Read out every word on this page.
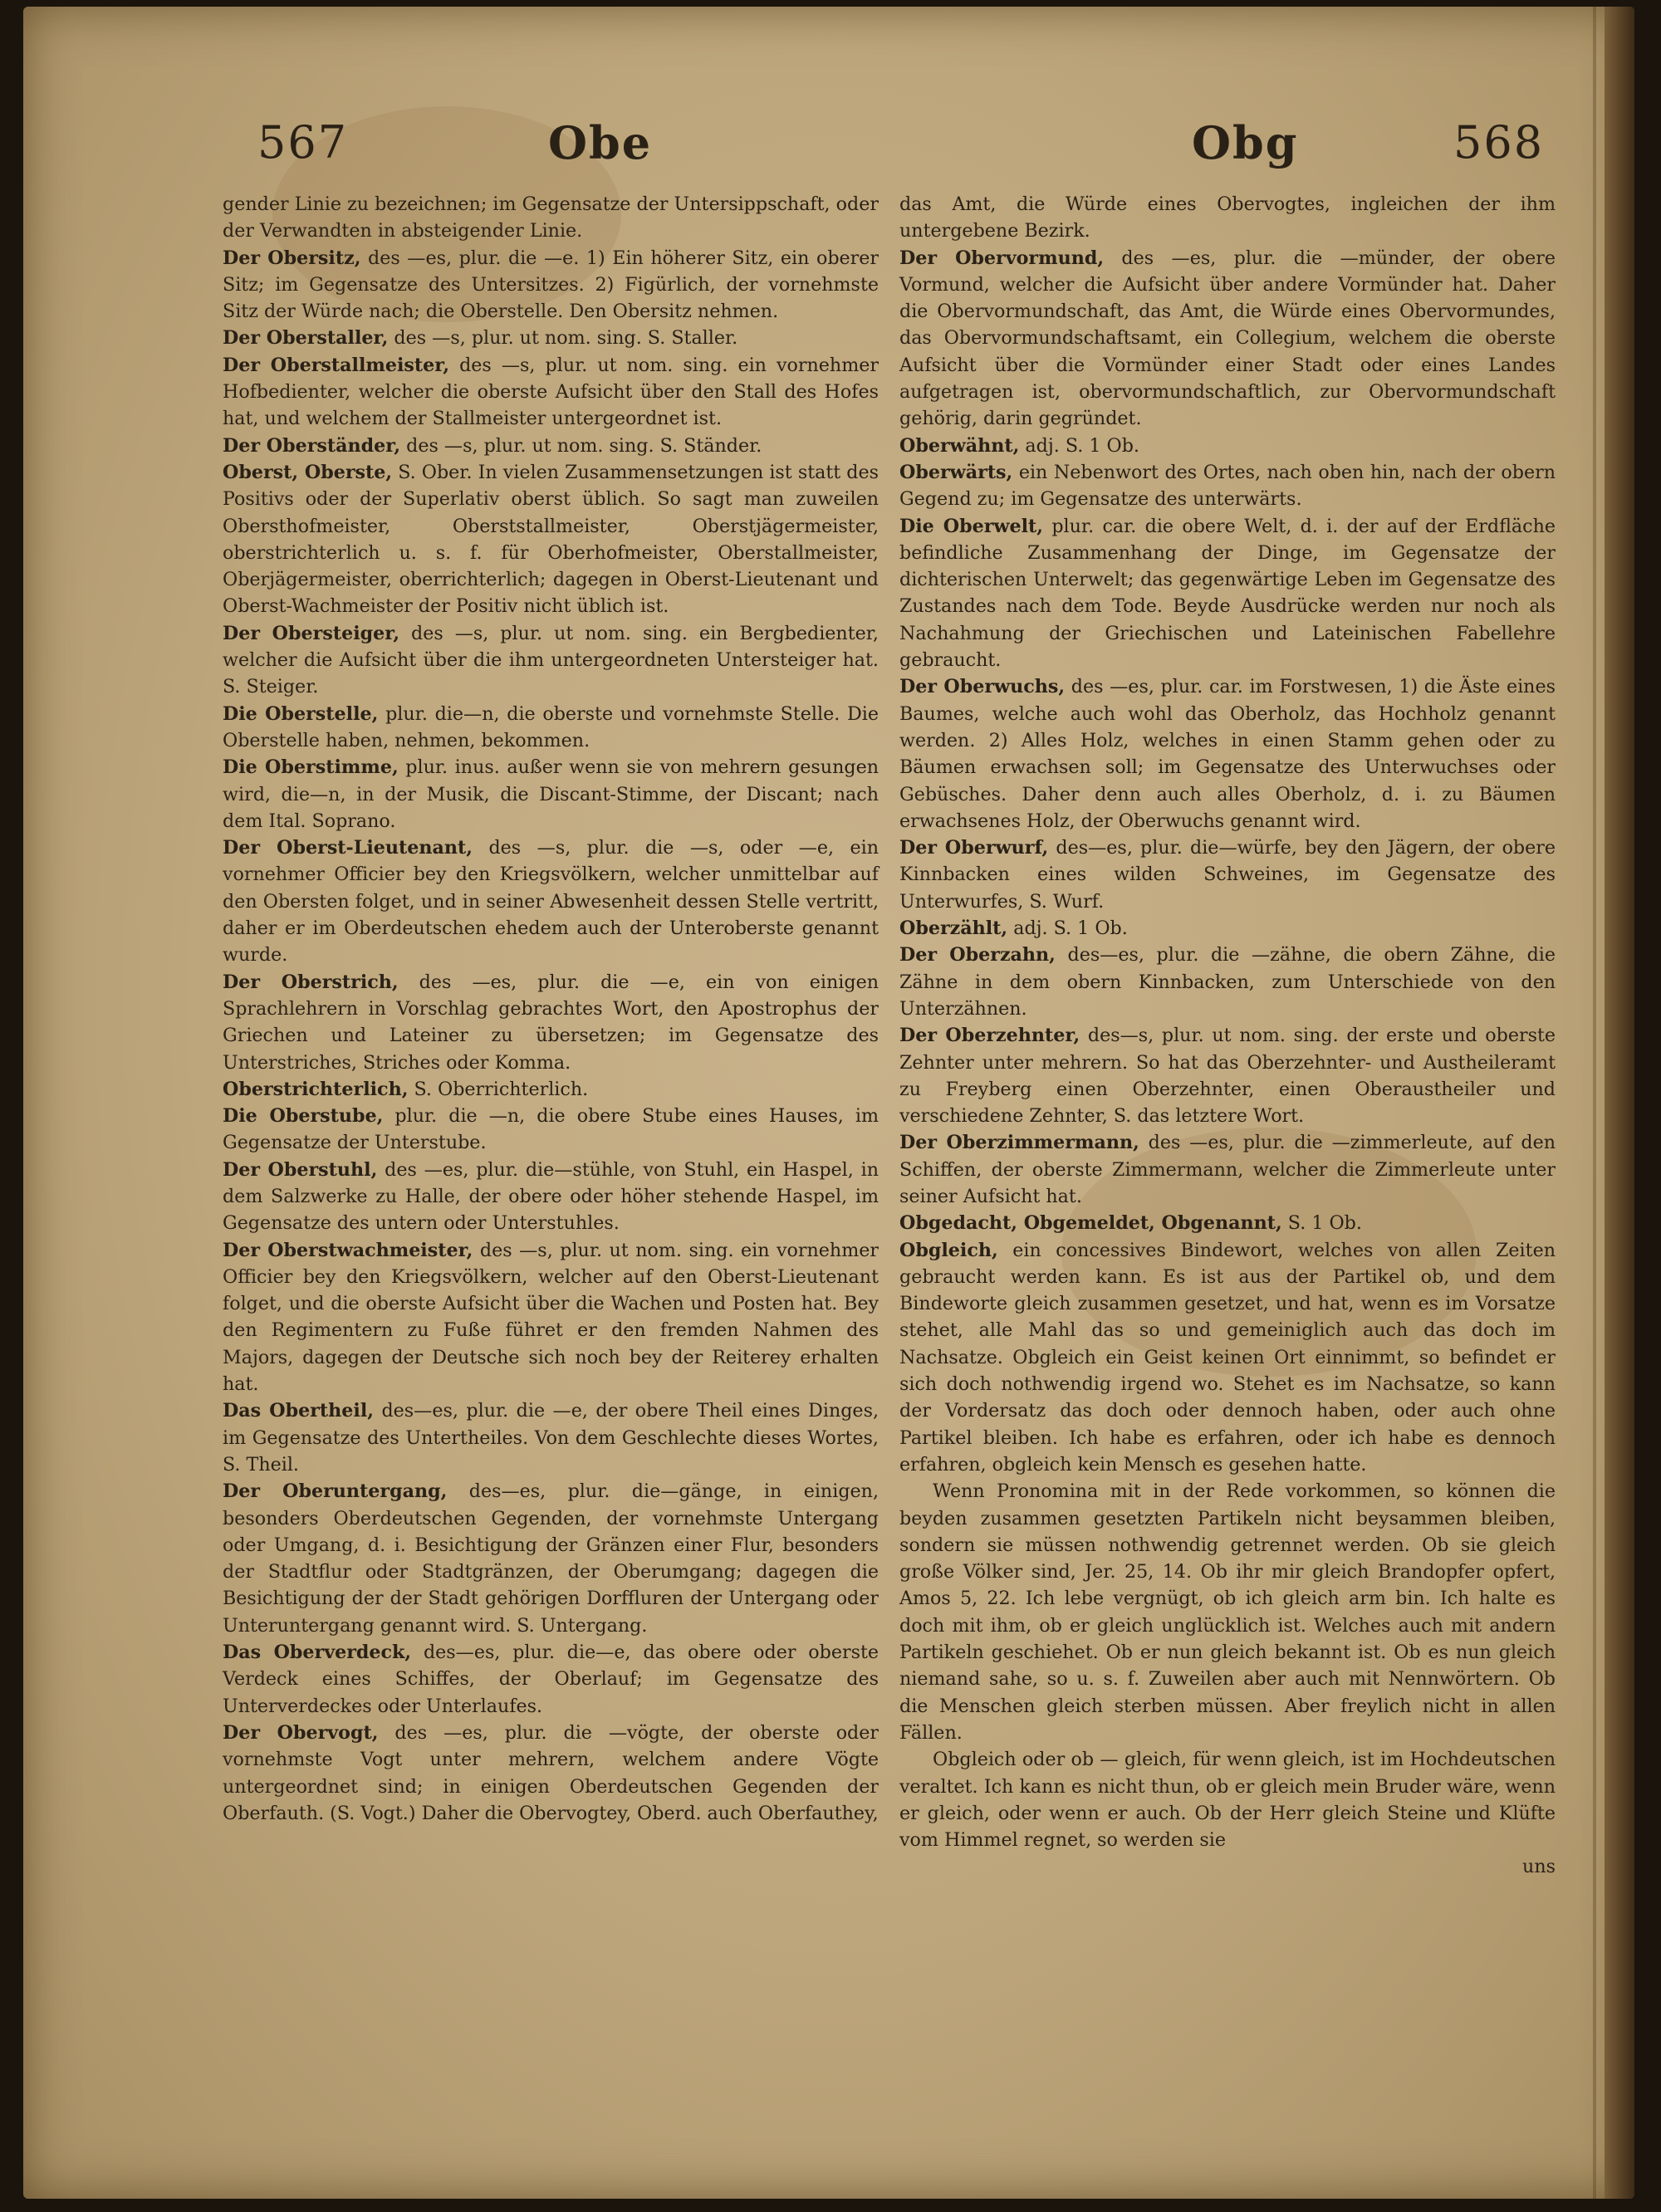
567	Obe	Obg	568

gender Linie zu bezeichnen; im Gegensatze der Untersippschaft, oder der Verwandten in absteigender Linie.

Der Obersitz, des —es, plur. die —e. 1) Ein höherer Sitz, ein oberer Sitz; im Gegensatze des Untersitzes. 2) Figürlich, der vornehmste Sitz der Würde nach; die Oberstelle. Den Obersitz nehmen.

Der Oberstaller, des —s, plur. ut nom. sing. S. Staller.

Der Oberstallmeister, des —s, plur. ut nom. sing. ein vornehmer Hofbedienter, welcher die oberste Aufsicht über den Stall des Hofes hat, und welchem der Stallmeister untergeordnet ist.

Der Oberständer, des —s, plur. ut nom. sing. S. Ständer.

Oberst, Oberste, S. Ober. In vielen Zusammensetzungen ist statt des Positivs oder der Superlativ oberst üblich. So sagt man zuweilen Obersthofmeister, Oberststallmeister, Oberstjägermeister, oberstrichterlich u. s. f. für Oberhofmeister, Oberstallmeister, Oberjägermeister, oberrichterlich; dagegen in Oberst-Lieutenant und Oberst-Wachmeister der Positiv nicht üblich ist.

Der Obersteiger, des —s, plur. ut nom. sing. ein Bergbedienter, welcher die Aufsicht über die ihm untergeordneten Untersteiger hat. S. Steiger.

Die Oberstelle, plur. die—n, die oberste und vornehmste Stelle. Die Oberstelle haben, nehmen, bekommen.

Die Oberstimme, plur. inus. außer wenn sie von mehrern gesungen wird, die—n, in der Musik, die Discant-Stimme, der Discant; nach dem Ital. Soprano.

Der Oberst-Lieutenant, des —s, plur. die —s, oder —e, ein vornehmer Officier bey den Kriegsvölkern, welcher unmittelbar auf den Obersten folget, und in seiner Abwesenheit dessen Stelle vertritt, daher er im Oberdeutschen ehedem auch der Unteroberste genannt wurde.

Der Oberstrich, des —es, plur. die —e, ein von einigen Sprachlehrern in Vorschlag gebrachtes Wort, den Apostrophus der Griechen und Lateiner zu übersetzen; im Gegensatze des Unterstriches, Striches oder Komma.

Oberstrichterlich, S. Oberrichterlich.

Die Oberstube, plur. die —n, die obere Stube eines Hauses, im Gegensatze der Unterstube.

Der Oberstuhl, des —es, plur. die—stühle, von Stuhl, ein Haspel, in dem Salzwerke zu Halle, der obere oder höher stehende Haspel, im Gegensatze des untern oder Unterstuhles.

Der Oberstwachmeister, des —s, plur. ut nom. sing. ein vornehmer Officier bey den Kriegsvölkern, welcher auf den Oberst-Lieutenant folget, und die oberste Aufsicht über die Wachen und Posten hat. Bey den Regimentern zu Fuße führet er den fremden Nahmen des Majors, dagegen der Deutsche sich noch bey der Reiterey erhalten hat.

Das Obertheil, des—es, plur. die —e, der obere Theil eines Dinges, im Gegensatze des Untertheiles. Von dem Geschlechte dieses Wortes, S. Theil.

Der Oberuntergang, des—es, plur. die—gänge, in einigen, besonders Oberdeutschen Gegenden, der vornehmste Untergang oder Umgang, d. i. Besichtigung der Gränzen einer Flur, besonders der Stadtflur oder Stadtgränzen, der Oberumgang; dagegen die Besichtigung der der Stadt gehörigen Dorffluren der Untergang oder Unteruntergang genannt wird. S. Untergang.

Das Oberverdeck, des—es, plur. die—e, das obere oder oberste Verdeck eines Schiffes, der Oberlauf; im Gegensatze des Unterverdeckes oder Unterlaufes.

Der Obervogt, des —es, plur. die —vögte, der oberste oder vornehmste Vogt unter mehrern, welchem andere Vögte untergeordnet sind; in einigen Oberdeutschen Gegenden der Oberfauth. (S. Vogt.) Daher die Obervogtey, Oberd. auch Oberfauthey,

das Amt, die Würde eines Obervogtes, ingleichen der ihm untergebene Bezirk.

Der Obervormund, des —es, plur. die —münder, der obere Vormund, welcher die Aufsicht über andere Vormünder hat. Daher die Obervormundschaft, das Amt, die Würde eines Obervormundes, das Obervormundschaftsamt, ein Collegium, welchem die oberste Aufsicht über die Vormünder einer Stadt oder eines Landes aufgetragen ist, obervormundschaftlich, zur Obervormundschaft gehörig, darin gegründet.

Oberwähnt, adj. S. 1 Ob.

Oberwärts, ein Nebenwort des Ortes, nach oben hin, nach der obern Gegend zu; im Gegensatze des unterwärts.

Die Oberwelt, plur. car. die obere Welt, d. i. der auf der Erdfläche befindliche Zusammenhang der Dinge, im Gegensatze der dichterischen Unterwelt; das gegenwärtige Leben im Gegensatze des Zustandes nach dem Tode. Beyde Ausdrücke werden nur noch als Nachahmung der Griechischen und Lateinischen Fabellehre gebraucht.

Der Oberwuchs, des —es, plur. car. im Forstwesen, 1) die Äste eines Baumes, welche auch wohl das Oberholz, das Hochholz genannt werden. 2) Alles Holz, welches in einen Stamm gehen oder zu Bäumen erwachsen soll; im Gegensatze des Unterwuchses oder Gebüsches. Daher denn auch alles Oberholz, d. i. zu Bäumen erwachsenes Holz, der Oberwuchs genannt wird.

Der Oberwurf, des—es, plur. die—würfe, bey den Jägern, der obere Kinnbacken eines wilden Schweines, im Gegensatze des Unterwurfes, S. Wurf.

Oberzählt, adj. S. 1 Ob.

Der Oberzahn, des—es, plur. die —zähne, die obern Zähne, die Zähne in dem obern Kinnbacken, zum Unterschiede von den Unterzähnen.

Der Oberzehnter, des—s, plur. ut nom. sing. der erste und oberste Zehnter unter mehrern. So hat das Oberzehnter- und Austheileramt zu Freyberg einen Oberzehnter, einen Oberaustheiler und verschiedene Zehnter, S. das letztere Wort.

Der Oberzimmermann, des —es, plur. die —zimmerleute, auf den Schiffen, der oberste Zimmermann, welcher die Zimmerleute unter seiner Aufsicht hat.

Obgedacht, Obgemeldet, Obgenannt, S. 1 Ob.

Obgleich, ein concessives Bindewort, welches von allen Zeiten gebraucht werden kann. Es ist aus der Partikel ob, und dem Bindeworte gleich zusammen gesetzet, und hat, wenn es im Vorsatze stehet, alle Mahl das so und gemeiniglich auch das doch im Nachsatze. Obgleich ein Geist keinen Ort einnimmt, so befindet er sich doch nothwendig irgend wo. Stehet es im Nachsatze, so kann der Vordersatz das doch oder dennoch haben, oder auch ohne Partikel bleiben. Ich habe es erfahren, oder ich habe es dennoch erfahren, obgleich kein Mensch es gesehen hatte.

Wenn Pronomina mit in der Rede vorkommen, so können die beyden zusammen gesetzten Partikeln nicht beysammen bleiben, sondern sie müssen nothwendig getrennet werden. Ob sie gleich große Völker sind, Jer. 25, 14. Ob ihr mir gleich Brandopfer opfert, Amos 5, 22. Ich lebe vergnügt, ob ich gleich arm bin. Ich halte es doch mit ihm, ob er gleich unglücklich ist. Welches auch mit andern Partikeln geschiehet. Ob er nun gleich bekannt ist. Ob es nun gleich niemand sahe, so u. s. f. Zuweilen aber auch mit Nennwörtern. Ob die Menschen gleich sterben müssen. Aber freylich nicht in allen Fällen.

Obgleich oder ob — gleich, für wenn gleich, ist im Hochdeutschen veraltet. Ich kann es nicht thun, ob er gleich mein Bruder wäre, wenn er gleich, oder wenn er auch. Ob der Herr gleich Steine und Klüfte vom Himmel regnet, so werden sie

uns
